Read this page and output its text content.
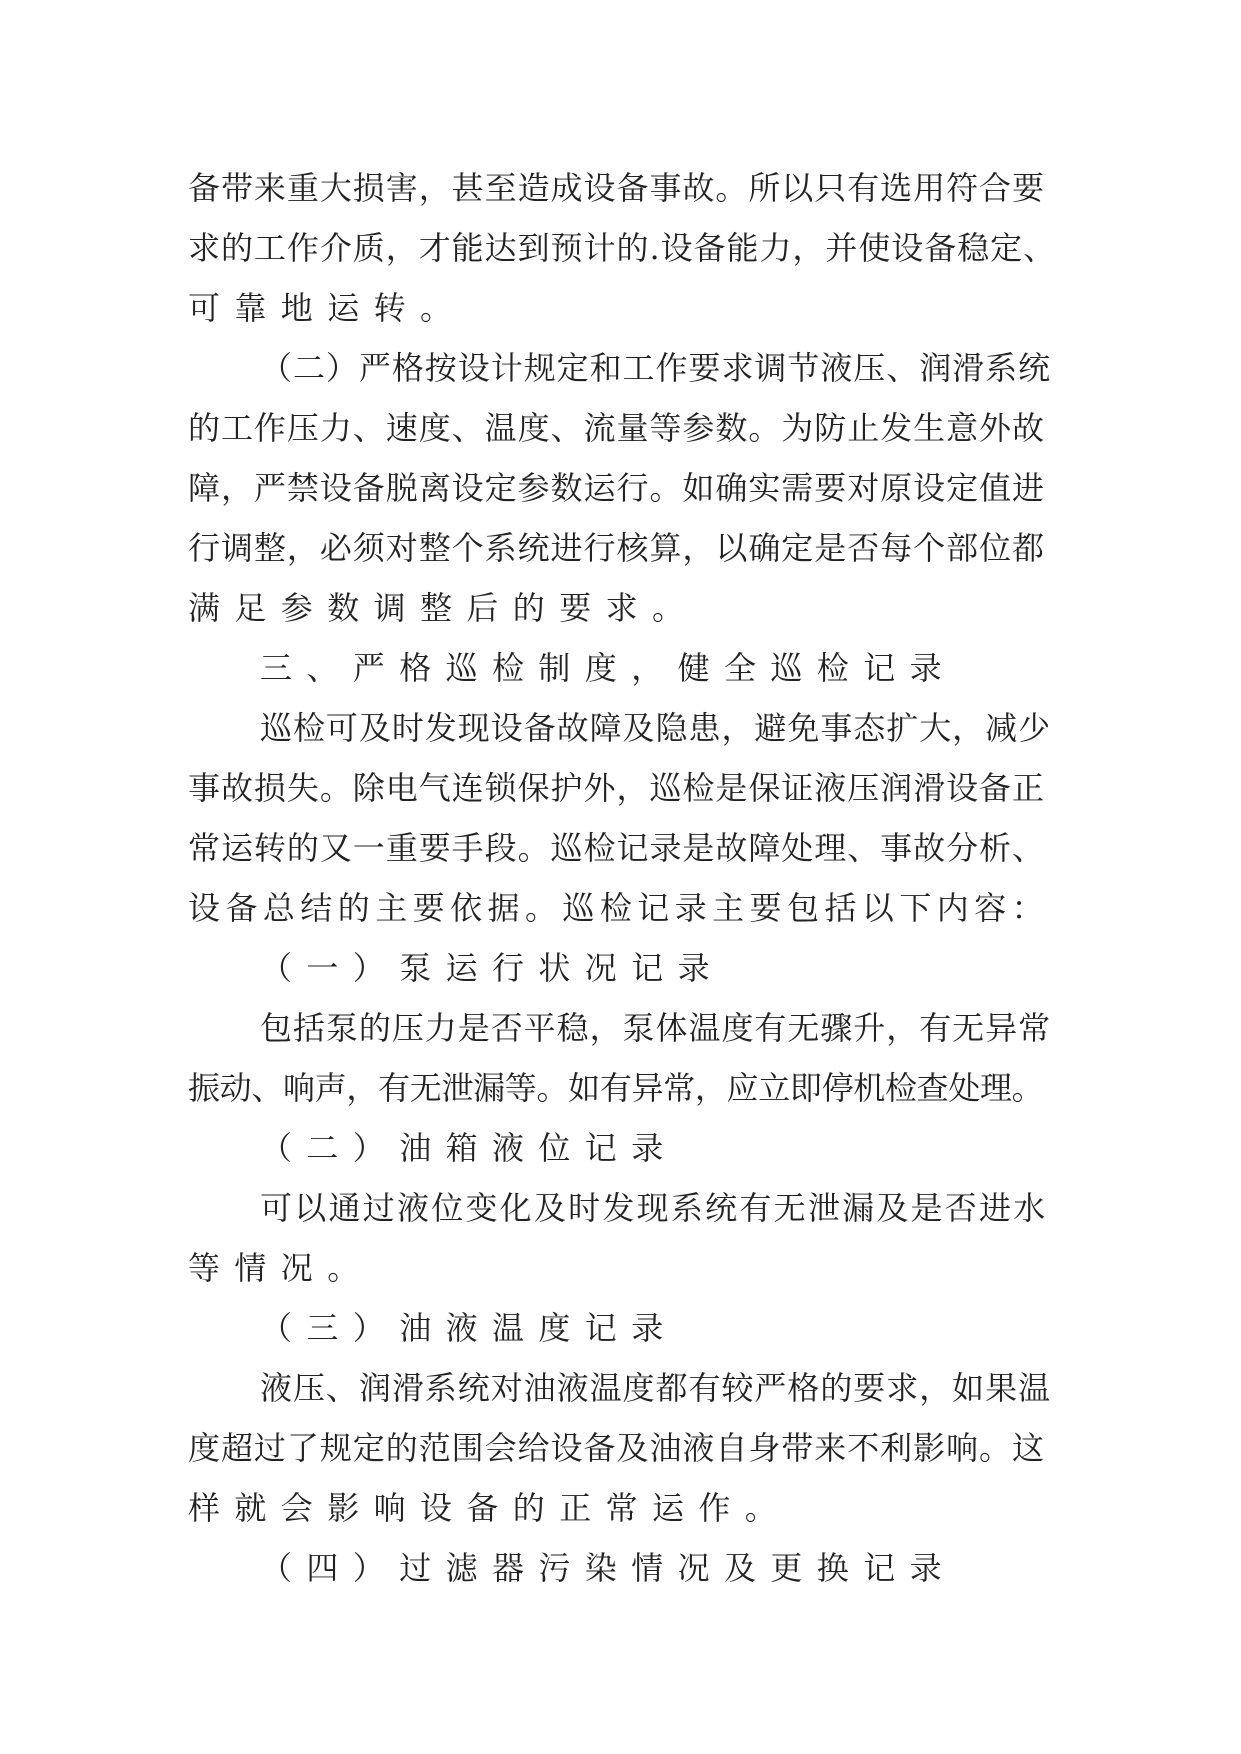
备带来重大损害，甚至造成设备事故。所以只有选用符合要
求的工作介质，才能达到预计的.设备能力，并使设备稳定、
可靠地运转。
（二）严格按设计规定和工作要求调节液压、润滑系统
的工作压力、速度、温度、流量等参数。为防止发生意外故
障，严禁设备脱离设定参数运行。如确实需要对原设定值进
行调整，必须对整个系统进行核算，以确定是否每个部位都
满足参数调整后的要求。
三、严格巡检制度，健全巡检记录
巡检可及时发现设备故障及隐患，避免事态扩大，减少
事故损失。除电气连锁保护外，巡检是保证液压润滑设备正
常运转的又一重要手段。巡检记录是故障处理、事故分析、
设备总结的主要依据。巡检记录主要包括以下内容：
（一）泵运行状况记录
包括泵的压力是否平稳，泵体温度有无骤升，有无异常
振动、响声，有无泄漏等。如有异常，应立即停机检查处理。
（二）油箱液位记录
可以通过液位变化及时发现系统有无泄漏及是否进水
等情况。
（三）油液温度记录
液压、润滑系统对油液温度都有较严格的要求，如果温
度超过了规定的范围会给设备及油液自身带来不利影响。这
样就会影响设备的正常运作。
（四）过滤器污染情况及更换记录
